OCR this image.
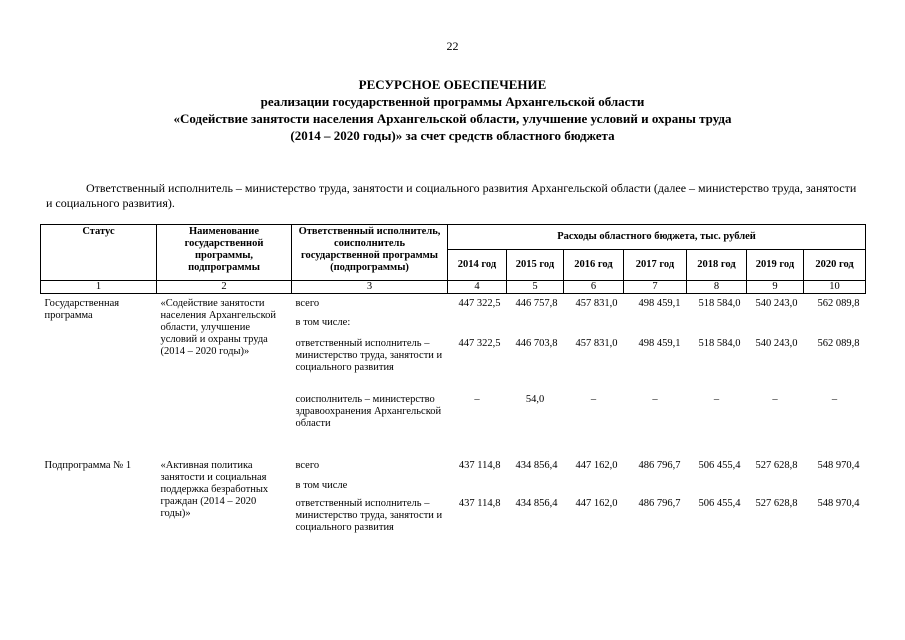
22
РЕСУРСНОЕ ОБЕСПЕЧЕНИЕ
реализации государственной программы Архангельской области
«Содействие занятости населения Архангельской области, улучшение условий и охраны труда
(2014 – 2020 годы)» за счет средств областного бюджета
Ответственный исполнитель – министерство труда, занятости и социального развития Архангельской области (далее – министерство труда, занятости и социального развития).
Статус	Наименование государственной программы, подпрограммы	Ответственный исполнитель, соисполнитель государственной программы (подпрограммы)	Расходы областного бюджета, тыс. рублей						
			2014 год	2015 год	2016 год	2017 год	2018 год	2019 год	2020 год
1	2	3	4	5	6	7	8	9	10
Государственная программа	«Содействие занятости населения Архангельской области, улучшение условий и охраны труда (2014 – 2020 годы)»	всего	447 322,5	446 757,8	457 831,0	498 459,1	518 584,0	540 243,0	562 089,8
		в том числе:							
		ответственный исполнитель – министерство труда, занятости и социального развития	447 322,5	446 703,8	457 831,0	498 459,1	518 584,0	540 243,0	562 089,8
		соисполнитель – министерство здравоохранения Архангельской области	–	54,0	–	–	–	–	–
Подпрограмма № 1	«Активная политика занятости и социальная поддержка безработных граждан (2014 – 2020 годы)»	всего	437 114,8	434 856,4	447 162,0	486 796,7	506 455,4	527 628,8	548 970,4
		в том числе							
		ответственный исполнитель – министерство труда, занятости и социального развития	437 114,8	434 856,4	447 162,0	486 796,7	506 455,4	527 628,8	548 970,4
